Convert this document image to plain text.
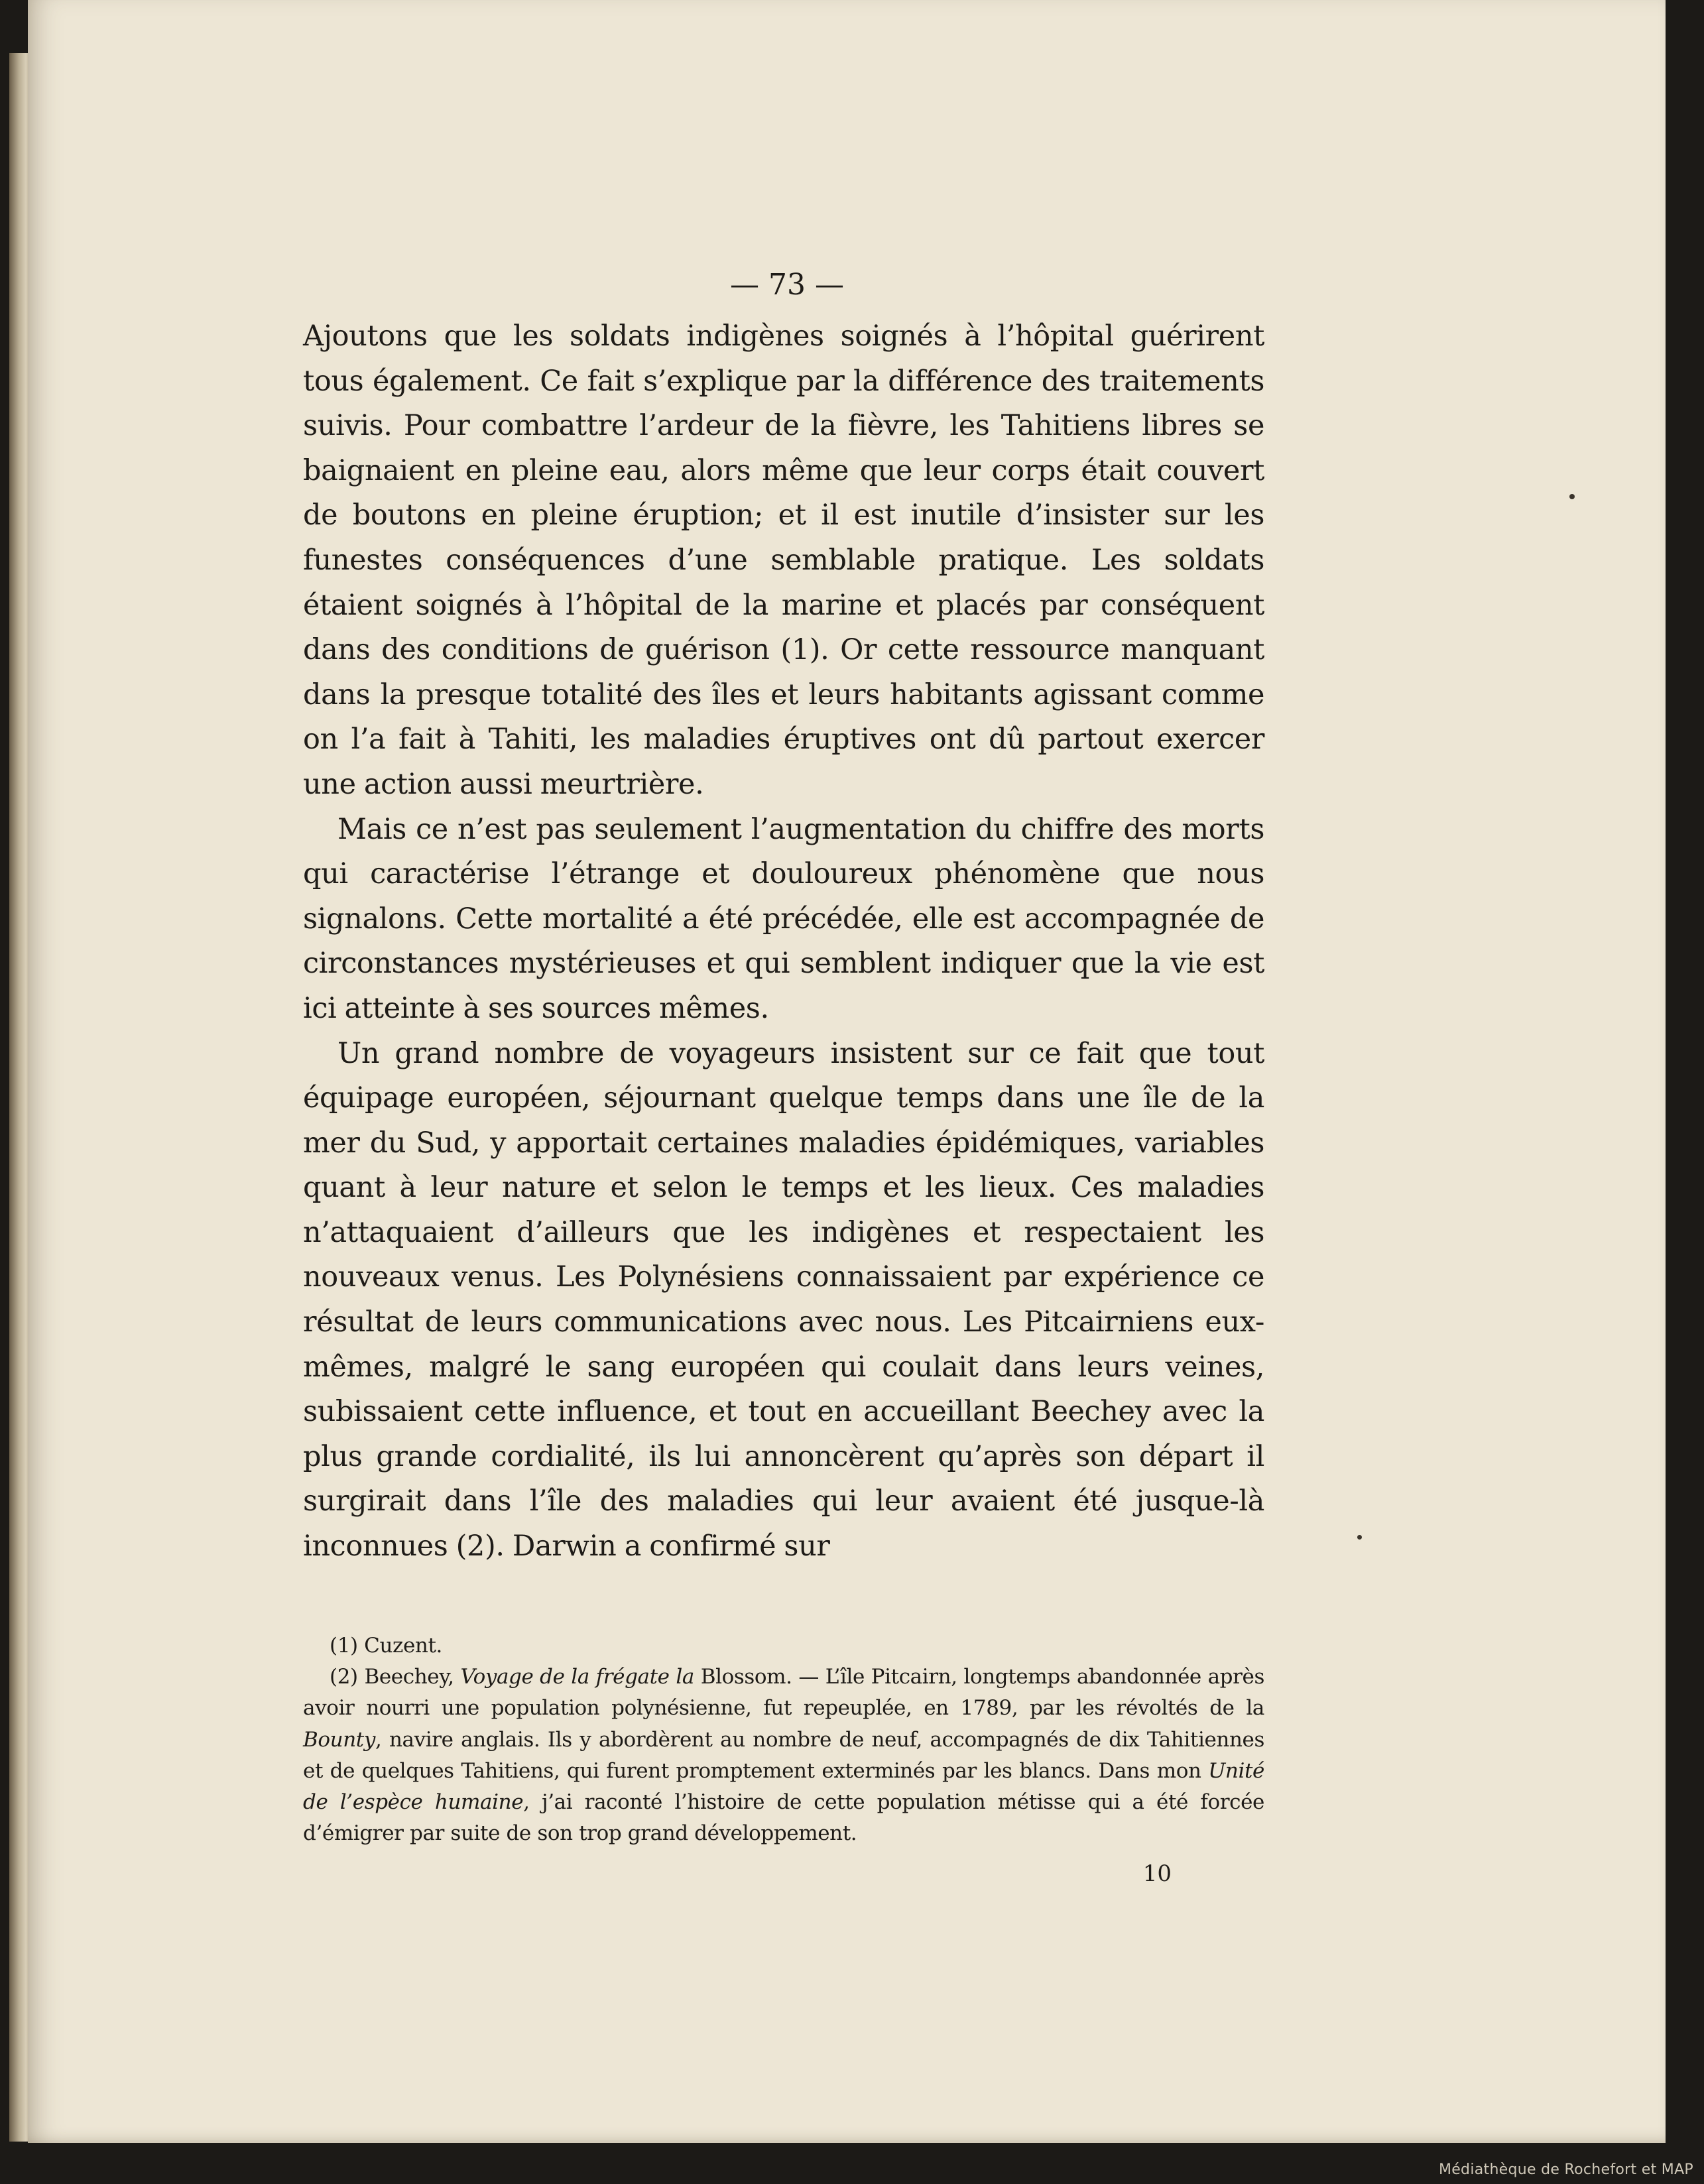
— 73 —

Ajoutons que les soldats indigènes soignés à l’hôpital guérirent tous également. Ce fait s’explique par la différence des traitements suivis. Pour combattre l’ardeur de la fièvre, les Tahitiens libres se baignaient en pleine eau, alors même que leur corps était couvert de boutons en pleine éruption; et il est inutile d’insister sur les funestes conséquences d’une semblable pratique. Les soldats étaient soignés à l’hôpital de la marine et placés par conséquent dans des conditions de guérison (1). Or cette ressource manquant dans la presque totalité des îles et leurs habitants agissant comme on l’a fait à Tahiti, les maladies éruptives ont dû partout exercer une action aussi meurtrière.

Mais ce n’est pas seulement l’augmentation du chiffre des morts qui caractérise l’étrange et douloureux phénomène que nous signalons. Cette mortalité a été précédée, elle est accompagnée de circonstances mystérieuses et qui semblent indiquer que la vie est ici atteinte à ses sources mêmes.

Un grand nombre de voyageurs insistent sur ce fait que tout équipage européen, séjournant quelque temps dans une île de la mer du Sud, y apportait certaines maladies épidémiques, variables quant à leur nature et selon le temps et les lieux. Ces maladies n’attaquaient d’ailleurs que les indigènes et respectaient les nouveaux venus. Les Polynésiens connaissaient par expérience ce résultat de leurs communications avec nous. Les Pitcairniens eux-mêmes, malgré le sang européen qui coulait dans leurs veines, subissaient cette influence, et tout en accueillant Beechey avec la plus grande cordialité, ils lui annoncèrent qu’après son départ il surgirait dans l’île des maladies qui leur avaient été jusque-là inconnues (2). Darwin a confirmé sur

(1) Cuzent.

(2) Beechey, Voyage de la frégate la Blossom. — L’île Pitcairn, longtemps abandonnée après avoir nourri une population polynésienne, fut repeuplée, en 1789, par les révoltés de la Bounty, navire anglais. Ils y abordèrent au nombre de neuf, accompagnés de dix Tahitiennes et de quelques Tahitiens, qui furent promptement exterminés par les blancs. Dans mon Unité de l’espèce humaine, j’ai raconté l’histoire de cette population métisse qui a été forcée d’émigrer par suite de son trop grand développement.

10
Médiathèque de Rochefort et MAP
